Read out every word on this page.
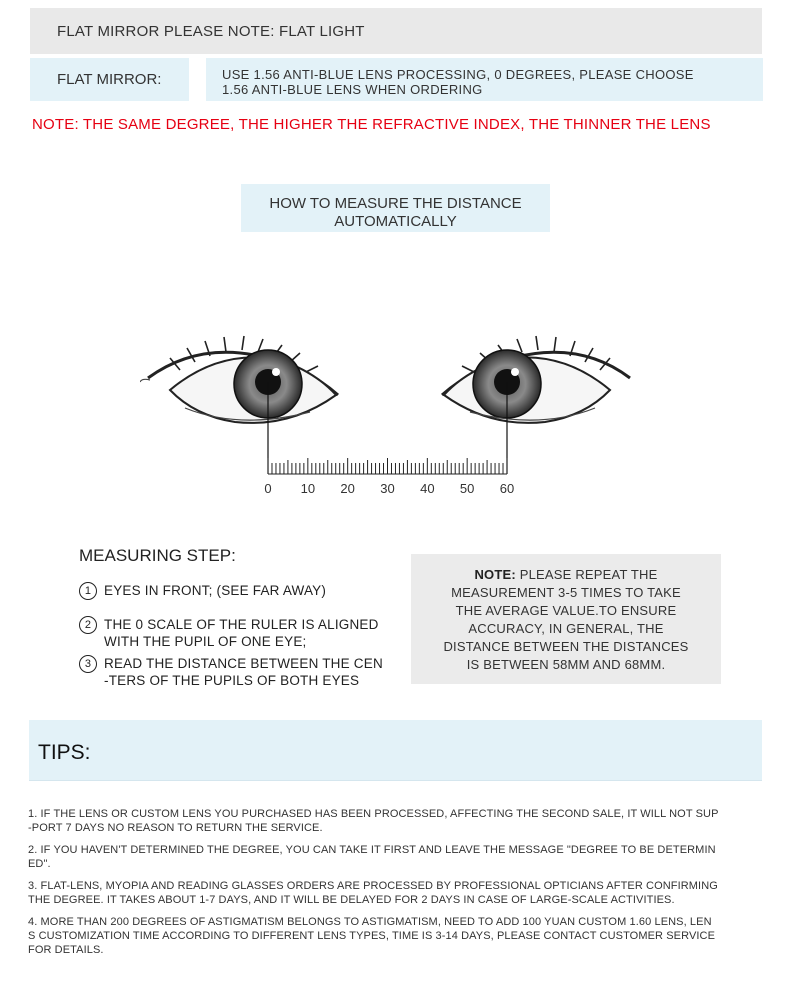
FLAT MIRROR PLEASE NOTE: FLAT LIGHT
FLAT MIRROR:	USE 1.56 ANTI-BLUE LENS PROCESSING, 0 DEGREES, PLEASE CHOOSE
1.56 ANTI-BLUE LENS WHEN ORDERING
NOTE: THE SAME DEGREE, THE HIGHER THE REFRACTIVE INDEX, THE THINNER THE LENS
HOW TO MEASURE THE DISTANCE
AUTOMATICALLY
0 10 20 30 40 50 60
MEASURING STEP:
1 EYES IN FRONT; (SEE FAR AWAY)
2 THE 0 SCALE OF THE RULER IS ALIGNED
WITH THE PUPIL OF ONE EYE;
3 READ THE DISTANCE BETWEEN THE CEN
-TERS OF THE PUPILS OF BOTH EYES
NOTE: PLEASE REPEAT THE
MEASUREMENT 3-5 TIMES TO TAKE
THE AVERAGE VALUE.TO ENSURE
ACCURACY, IN GENERAL, THE
DISTANCE BETWEEN THE DISTANCES
IS BETWEEN 58MM AND 68MM.
TIPS:
1. IF THE LENS OR CUSTOM LENS YOU PURCHASED HAS BEEN PROCESSED, AFFECTING THE SECOND SALE, IT WILL NOT SUP
-PORT 7 DAYS NO REASON TO RETURN THE SERVICE.
2. IF YOU HAVEN'T DETERMINED THE DEGREE, YOU CAN TAKE IT FIRST AND LEAVE THE MESSAGE "DEGREE TO BE DETERMIN
ED".
3. FLAT-LENS, MYOPIA AND READING GLASSES ORDERS ARE PROCESSED BY PROFESSIONAL OPTICIANS AFTER CONFIRMING
THE DEGREE. IT TAKES ABOUT 1-7 DAYS, AND IT WILL BE DELAYED FOR 2 DAYS IN CASE OF LARGE-SCALE ACTIVITIES.
4. MORE THAN 200 DEGREES OF ASTIGMATISM BELONGS TO ASTIGMATISM, NEED TO ADD 100 YUAN CUSTOM 1.60 LENS, LEN
S CUSTOMIZATION TIME ACCORDING TO DIFFERENT LENS TYPES, TIME IS 3-14 DAYS, PLEASE CONTACT CUSTOMER SERVICE
FOR DETAILS.
